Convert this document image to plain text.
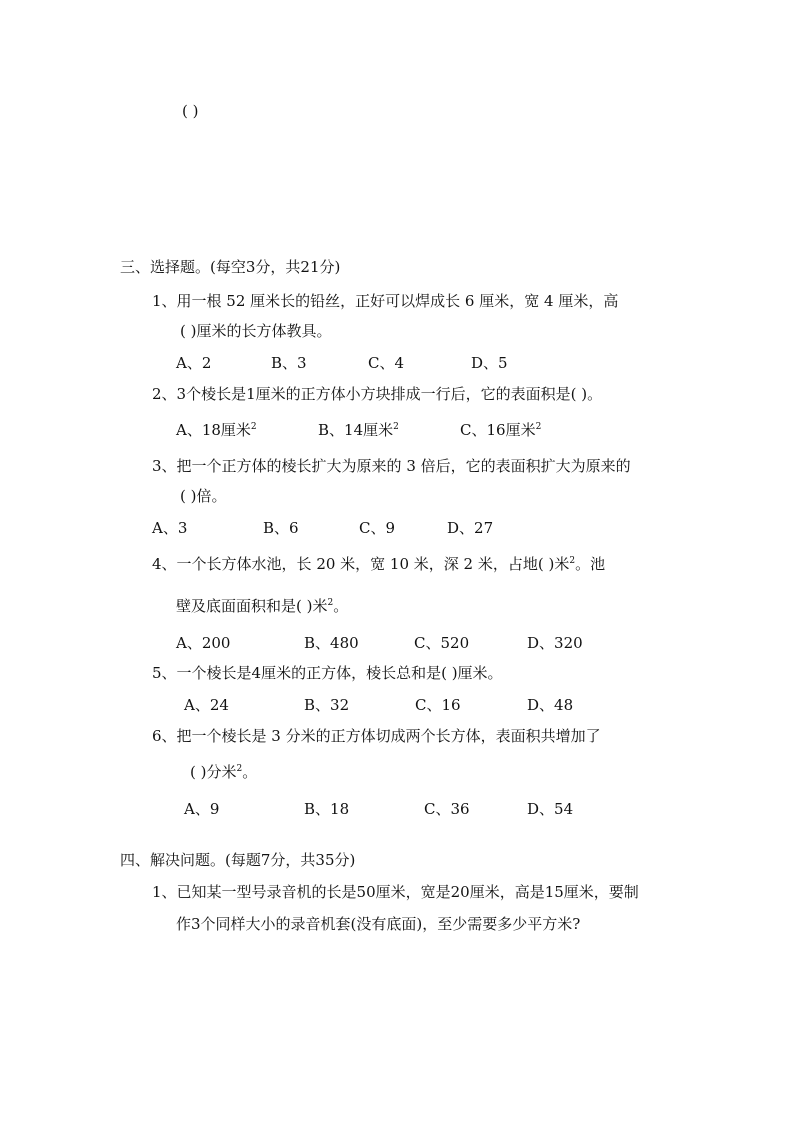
( )
三、选择题。(每空3分，共21分)
1、用一根 52 厘米长的铅丝，正好可以焊成长 6 厘米，宽 4 厘米，高
( )厘米的长方体教具。
A、2	B、3	C、4	D、5
2、3个棱长是1厘米的正方体小方块排成一行后，它的表面积是( )。
A、18厘米$^2$	B、14厘米$^2$	C、16厘米$^2$
3、把一个正方体的棱长扩大为原来的 3 倍后，它的表面积扩大为原来的
( )倍。
A、3	B、6	C、9	D、27
4、一个长方体水池，长 20 米，宽 10 米，深 2 米，占地( )米$^2$。池
壁及底面面积和是( )米$^2$。
A、200	B、480	C、520	D、320
5、一个棱长是4厘米的正方体，棱长总和是( )厘米。
A、24	B、32	C、16	D、48
6、把一个棱长是 3 分米的正方体切成两个长方体，表面积共增加了
( )分米$^2$。
A、9	B、18	C、36	D、54
四、解决问题。(每题7分，共35分)
1、已知某一型号录音机的长是50厘米，宽是20厘米，高是15厘米，要制
作3个同样大小的录音机套(没有底面)，至少需要多少平方米?
